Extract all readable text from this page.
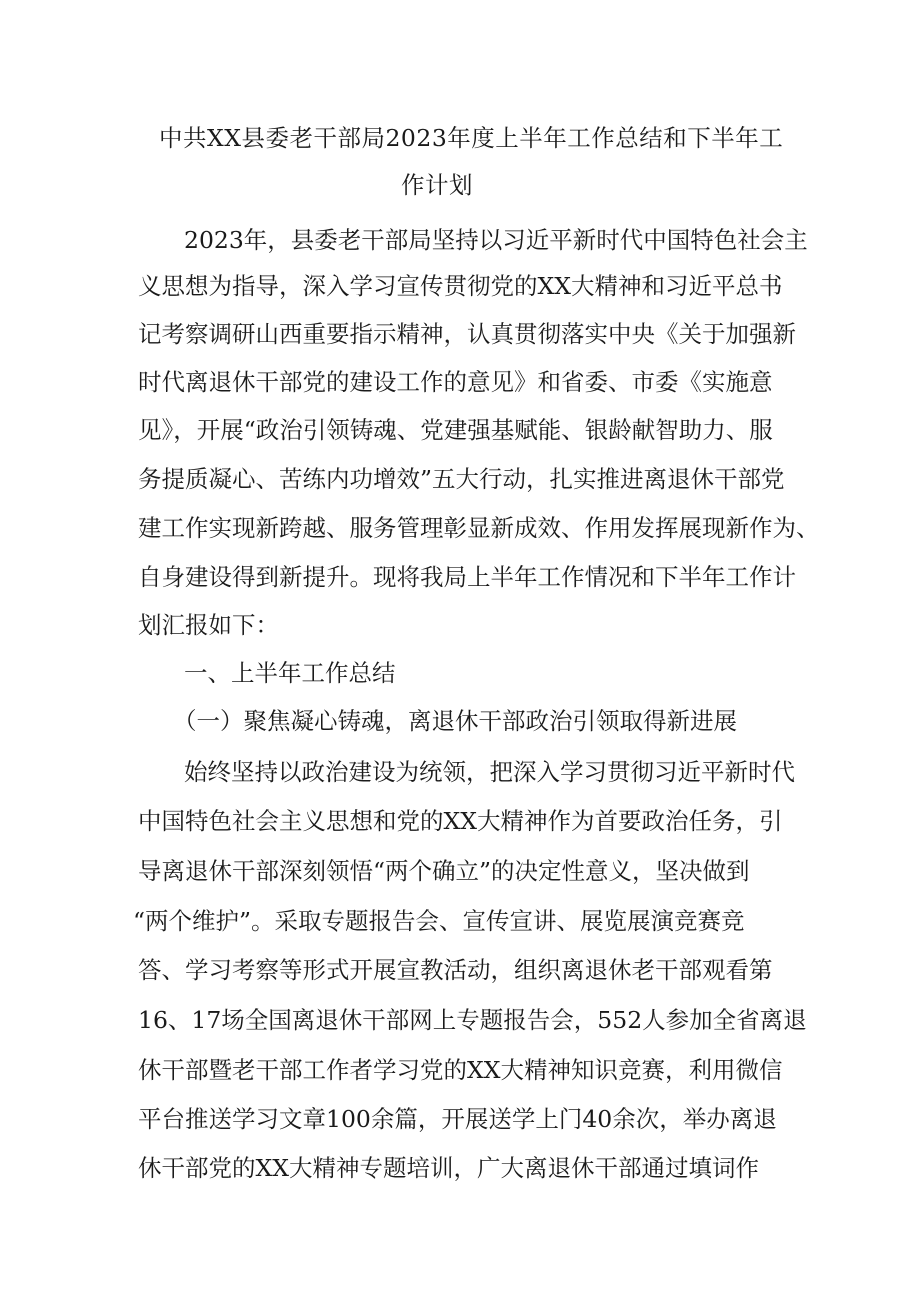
中共XX县委老干部局2023年度上半年工作总结和下半年工
作计划
2023年，县委老干部局坚持以习近平新时代中国特色社会主
义思想为指导，深入学习宣传贯彻党的XX大精神和习近平总书
记考察调研山西重要指示精神，认真贯彻落实中央《关于加强新
时代离退休干部党的建设工作的意见》和省委、市委《实施意
见》，开展“政治引领铸魂、党建强基赋能、银龄献智助力、服
务提质凝心、苦练内功增效”五大行动，扎实推进离退休干部党
建工作实现新跨越、服务管理彰显新成效、作用发挥展现新作为、
自身建设得到新提升。现将我局上半年工作情况和下半年工作计
划汇报如下：
一、上半年工作总结
（一）聚焦凝心铸魂，离退休干部政治引领取得新进展
始终坚持以政治建设为统领，把深入学习贯彻习近平新时代
中国特色社会主义思想和党的XX大精神作为首要政治任务，引
导离退休干部深刻领悟“两个确立”的决定性意义，坚决做到
“两个维护”。采取专题报告会、宣传宣讲、展览展演竞赛竞
答、学习考察等形式开展宣教活动，组织离退休老干部观看第
16、17场全国离退休干部网上专题报告会，552人参加全省离退
休干部暨老干部工作者学习党的XX大精神知识竞赛，利用微信
平台推送学习文章100余篇，开展送学上门40余次，举办离退
休干部党的XX大精神专题培训，广大离退休干部通过填词作
